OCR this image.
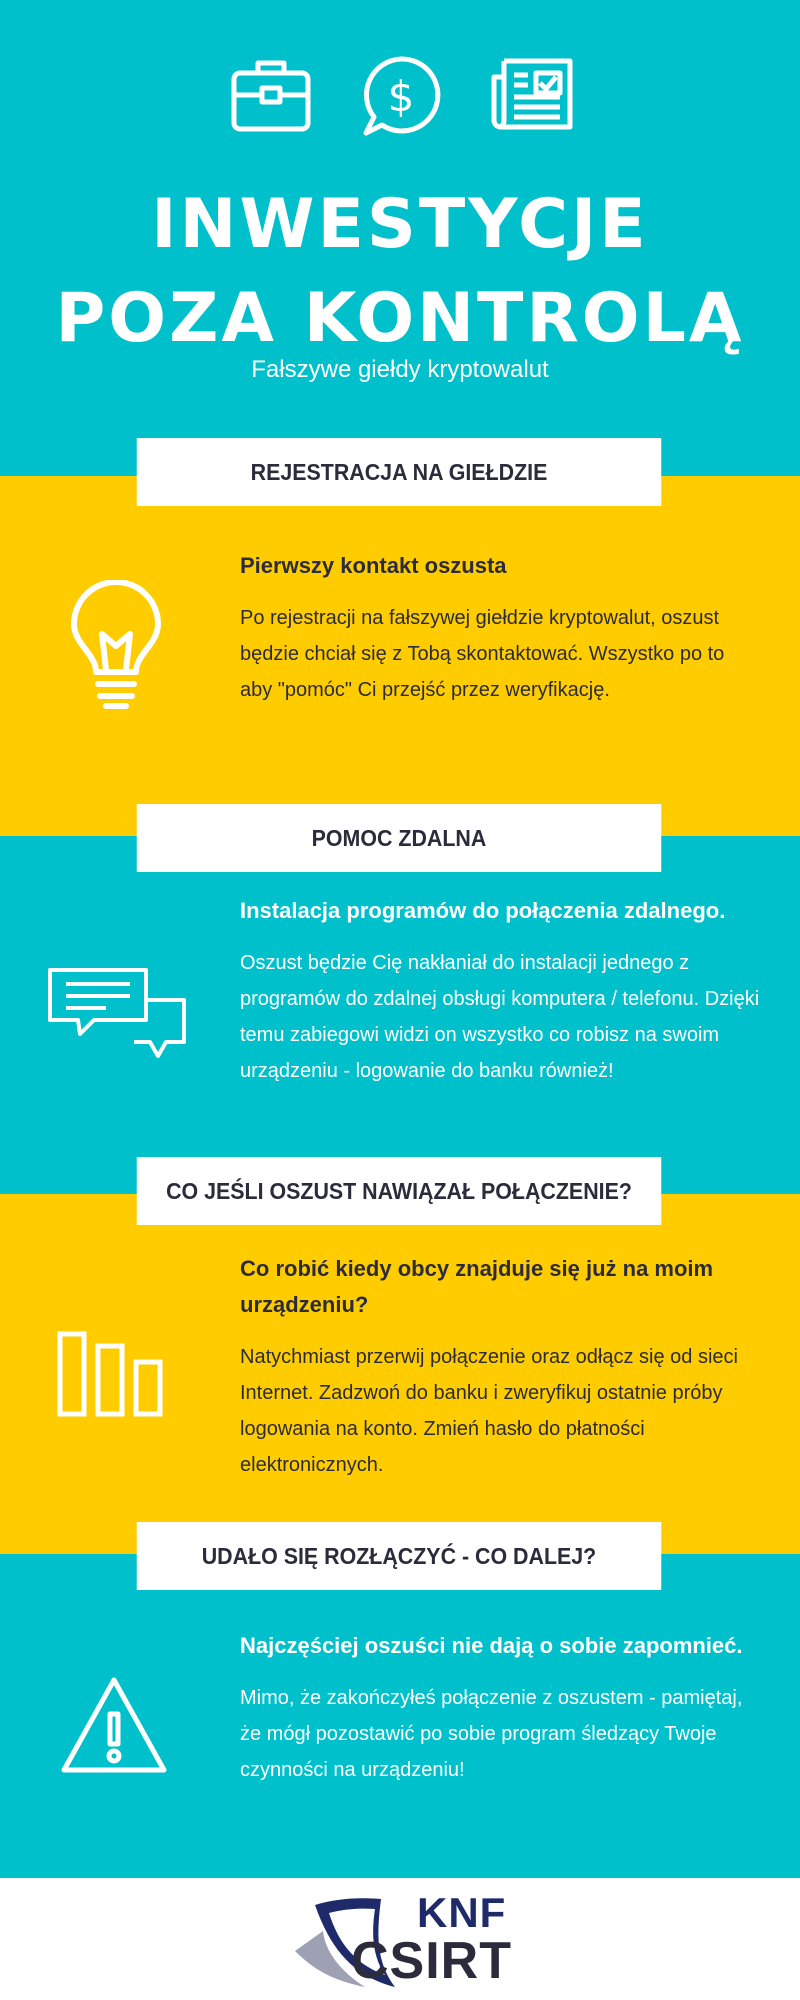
$
INWESTYCJE
POZA KONTROLĄ
Fałszywe giełdy kryptowalut
REJESTRACJA NA GIEŁDZIE

Pierwszy kontakt oszusta

Po rejestracji na fałszywej giełdzie kryptowalut, oszust będzie chciał się z Tobą skontaktować. Wszystko po to aby "pomóc" Ci przejść przez weryfikację.

POMOC ZDALNA

Instalacja programów do połączenia zdalnego.

Oszust będzie Cię nakłaniał do instalacji jednego z programów do zdalnej obsługi komputera / telefonu. Dzięki temu zabiegowi widzi on wszystko co robisz na swoim urządzeniu - logowanie do banku również!

CO JEŚLI OSZUST NAWIĄZAŁ POŁĄCZENIE?

Co robić kiedy obcy znajduje się już na moim urządzeniu?

Natychmiast przerwij połączenie oraz odłącz się od sieci Internet. Zadzwoń do banku i zweryfikuj ostatnie próby logowania na konto. Zmień hasło do płatności elektronicznych.

UDAŁO SIĘ ROZŁĄCZYĆ - CO DALEJ?

Najczęściej oszuści nie dają o sobie zapomnieć.

Mimo, że zakończyłeś połączenie z oszustem - pamiętaj, że mógł pozostawić po sobie program śledzący Twoje czynności na urządzeniu!

KNF
CSIRT
